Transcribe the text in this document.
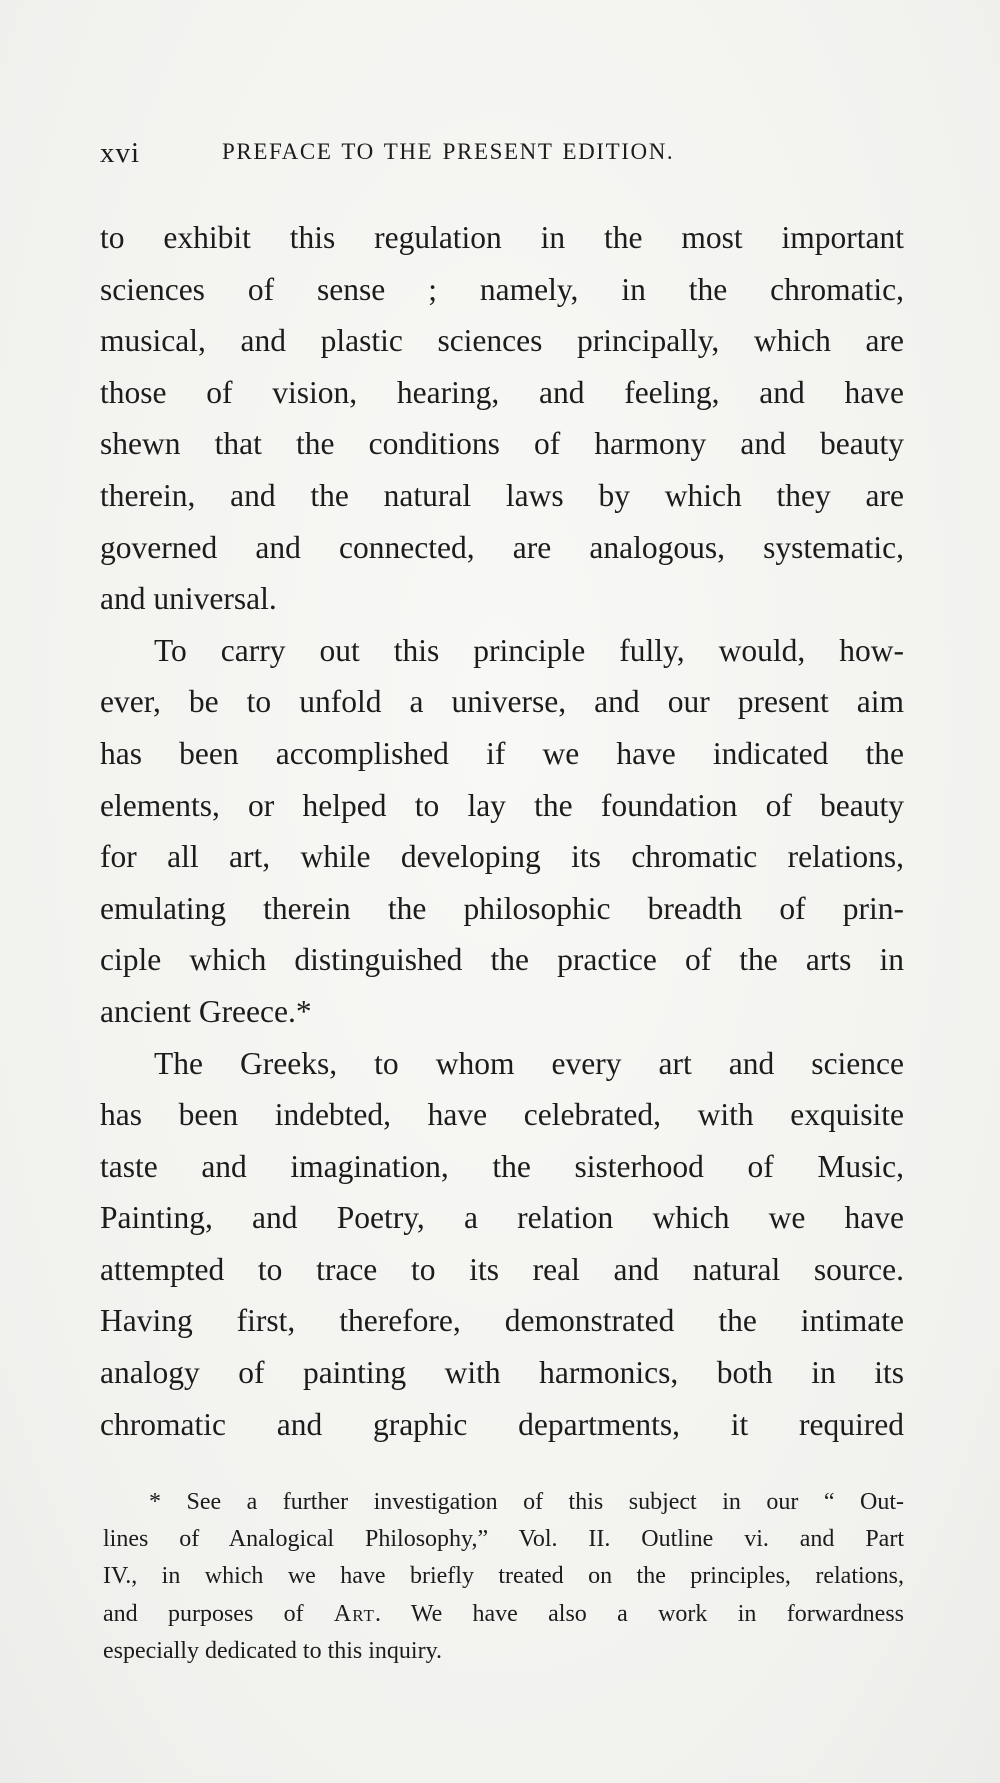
xvi	PREFACE TO THE PRESENT EDITION.
to exhibit this regulation in the most important
sciences of sense ; namely, in the chromatic,
musical, and plastic sciences principally, which are
those of vision, hearing, and feeling, and have
shewn that the conditions of harmony and beauty
therein, and the natural laws by which they are
governed and connected, are analogous, systematic,
and universal.
To carry out this principle fully, would, how-
ever, be to unfold a universe, and our present aim
has been accomplished if we have indicated the
elements, or helped to lay the foundation of beauty
for all art, while developing its chromatic relations,
emulating therein the philosophic breadth of prin-
ciple which distinguished the practice of the arts in
ancient Greece.*
The Greeks, to whom every art and science
has been indebted, have celebrated, with exquisite
taste and imagination, the sisterhood of Music,
Painting, and Poetry, a relation which we have
attempted to trace to its real and natural source.
Having first, therefore, demonstrated the intimate
analogy of painting with harmonics, both in its
chromatic and graphic departments, it required
* See a further investigation of this subject in our “ Out-
lines of Analogical Philosophy,” Vol. II. Outline vi. and Part
IV., in which we have briefly treated on the principles, relations,
and purposes of Art. We have also a work in forwardness
especially dedicated to this inquiry.
